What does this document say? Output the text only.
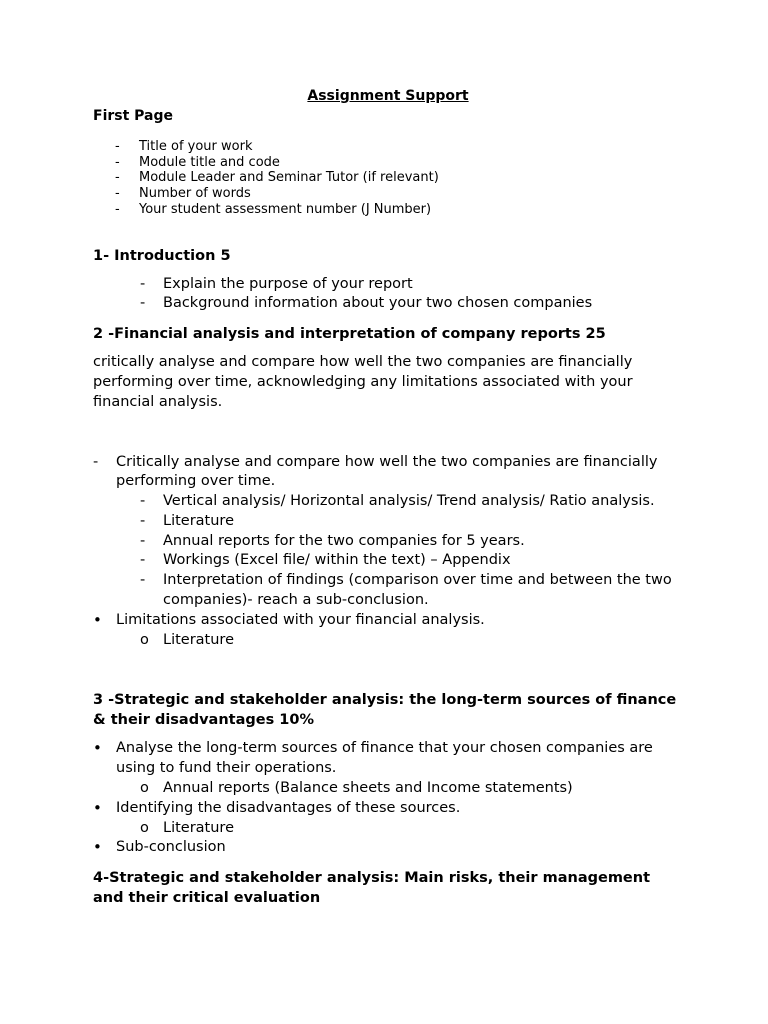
Assignment Support

First Page

- Title of your work
- Module title and code
- Module Leader and Seminar Tutor (if relevant)
- Number of words
- Your student assessment number (J Number)

1- Introduction 5

- Explain the purpose of your report
- Background information about your two chosen companies

2 -Financial analysis and interpretation of company reports 25

critically analyse and compare how well the two companies are financially performing over time, acknowledging any limitations associated with your financial analysis.

- Critically analyse and compare how well the two companies are financially performing over time.
- Vertical analysis/ Horizontal analysis/ Trend analysis/ Ratio analysis.
- Literature
- Annual reports for the two companies for 5 years.
- Workings (Excel file/ within the text) – Appendix
- Interpretation of findings (comparison over time and between the two companies)- reach a sub-conclusion.
• Limitations associated with your financial analysis.
o Literature

3 -Strategic and stakeholder analysis: the long-term sources of finance & their disadvantages 10%

• Analyse the long-term sources of finance that your chosen companies are using to fund their operations.
o Annual reports (Balance sheets and Income statements)
• Identifying the disadvantages of these sources.
o Literature
• Sub-conclusion

4-Strategic and stakeholder analysis: Main risks, their management and their critical evaluation
